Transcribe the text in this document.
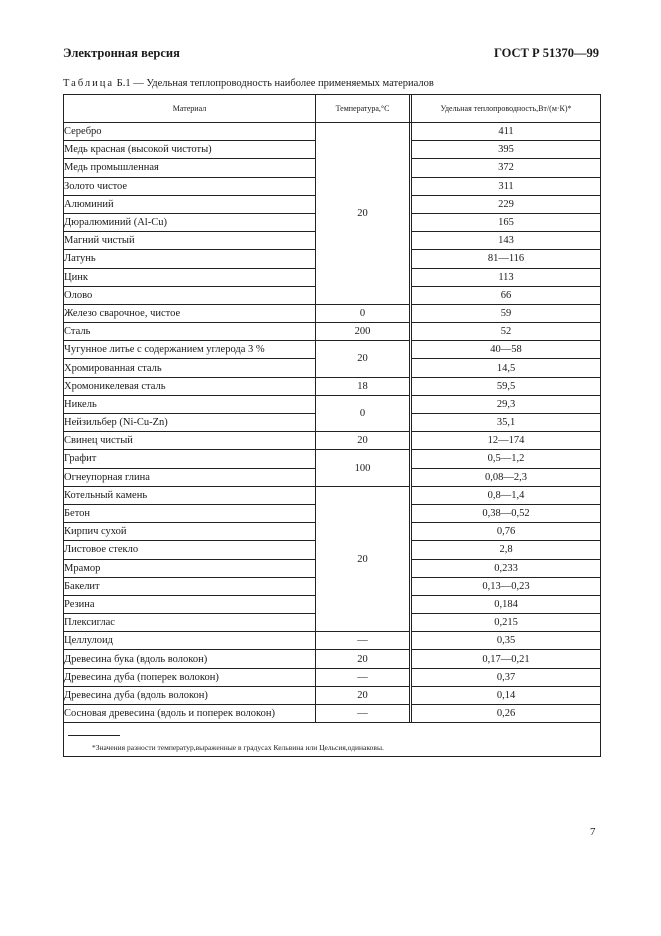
Электронная версия	ГОСТ Р 51370—99
Таблица Б.1 — Удельная теплопроводность наиболее применяемых материалов
Материал	Температура,°С		Удельная теплопроводность,Вт/(м·К)*
Серебро	20		411
Медь красная (высокой чистоты)			395
Медь промышленная			372
Золото чистое			311
Алюминий			229
Дюралюминий (Al-Cu)			165
Магний чистый			143
Латунь			81—116
Цинк			113
Олово			66
Железо сварочное, чистое	0		59
Сталь	200		52
Чугунное литье с содержанием углерода 3 %	20		40—58
Хромированная сталь			14,5
Хромоникелевая сталь	18		59,5
Никель	0		29,3
Нейзильбер (Ni-Cu-Zn)			35,1
Свинец чистый	20		12—174
Графит	100		0,5—1,2
Огнеупорная глина			0,08—2,3
Котельный камень	20		0,8—1,4
Бетон			0,38—0,52
Кирпич сухой			0,76
Листовое стекло			2,8
Мрамор			0,233
Бакелит			0,13—0,23
Резина			0,184
Плексиглас			0,215
Целлулоид	—		0,35
Древесина бука (вдоль волокон)	20		0,17—0,21
Древесина дуба (поперек волокон)	—		0,37
Древесина дуба (вдоль волокон)	20		0,14
Сосновая древесина (вдоль и поперек волокон)	—		0,26

*Значения разности температур,выраженные в градусах Кельвина или Цельсия,одинаковы.			
7
